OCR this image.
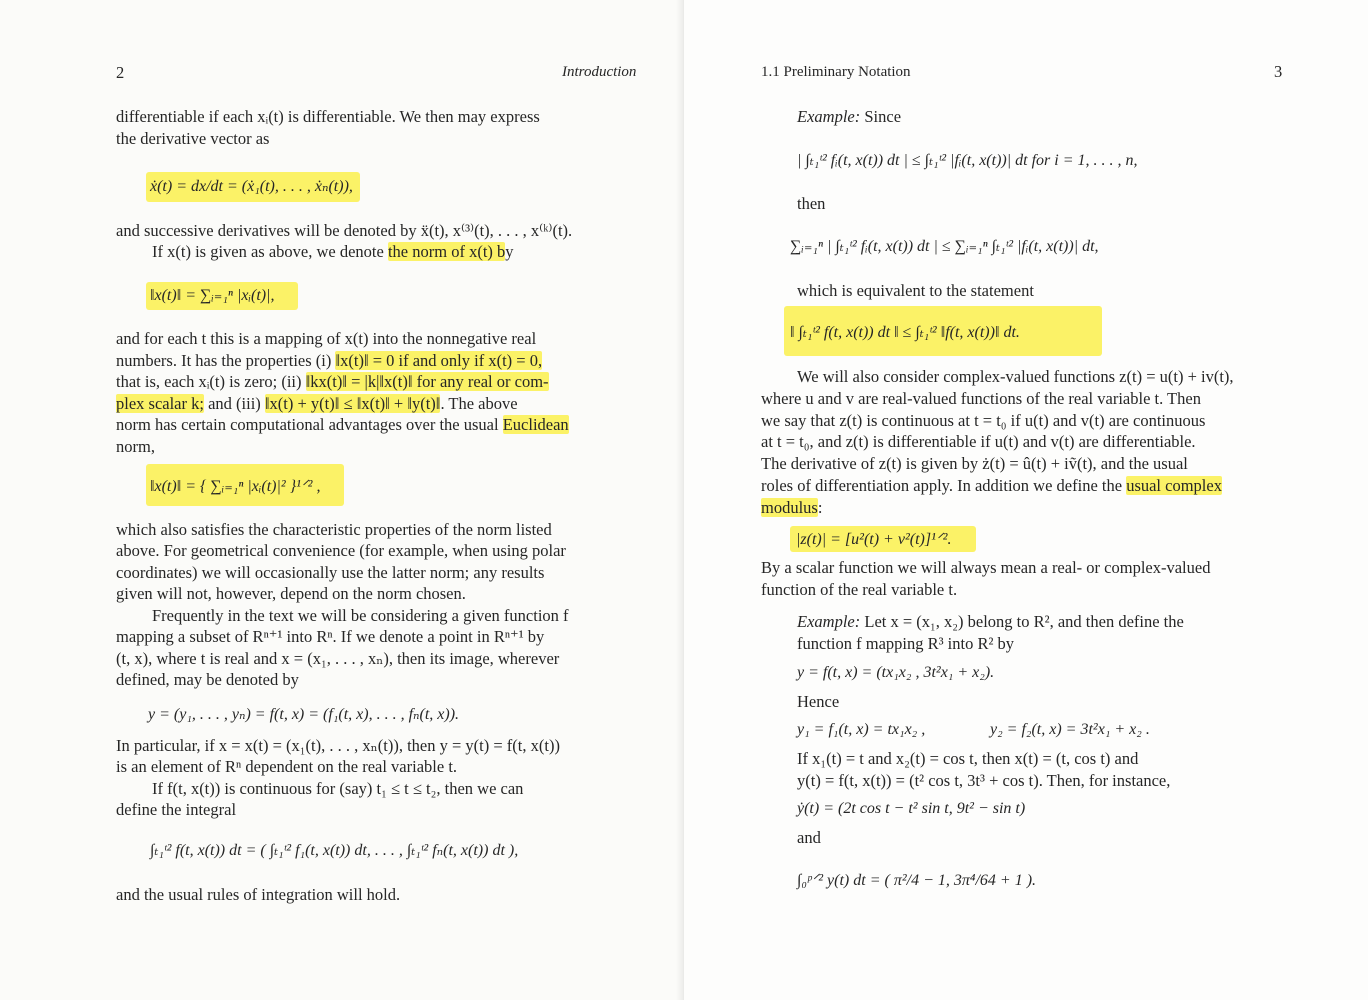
2	Introduction
differentiable if each xᵢ(t) is differentiable. We then may express
the derivative vector as
ẋ(t) = dx/dt = (ẋ₁(t), . . . , ẋₙ(t)),
and successive derivatives will be denoted by ẍ(t), x⁽³⁾(t), . . . , x⁽ᵏ⁾(t).
If x(t) is given as above, we denote the norm of x(t) by
‖x(t)‖ = ∑ᵢ₌₁ⁿ |xᵢ(t)|,
and for each t this is a mapping of x(t) into the nonnegative real
numbers. It has the properties (i) ‖x(t)‖ = 0 if and only if x(t) = 0,
that is, each xᵢ(t) is zero; (ii) ‖kx(t)‖ = |k|‖x(t)‖ for any real or com-
plex scalar k; and (iii) ‖x(t) + y(t)‖ ≤ ‖x(t)‖ + ‖y(t)‖. The above
norm has certain computational advantages over the usual Euclidean
norm,
‖x(t)‖ = { ∑ᵢ₌₁ⁿ |xᵢ(t)|² }¹ᐟ² ,
which also satisfies the characteristic properties of the norm listed
above. For geometrical convenience (for example, when using polar
coordinates) we will occasionally use the latter norm; any results
given will not, however, depend on the norm chosen.
Frequently in the text we will be considering a given function f
mapping a subset of Rⁿ⁺¹ into Rⁿ. If we denote a point in Rⁿ⁺¹ by
(t, x), where t is real and x = (x₁, . . . , xₙ), then its image, wherever
defined, may be denoted by
y = (y₁, . . . , yₙ) = f(t, x) = (f₁(t, x), . . . , fₙ(t, x)).
In particular, if x = x(t) = (x₁(t), . . . , xₙ(t)), then y = y(t) = f(t, x(t))
is an element of Rⁿ dependent on the real variable t.
If f(t, x(t)) is continuous for (say) t₁ ≤ t ≤ t₂, then we can
define the integral
∫ₜ₁ᵗ² f(t, x(t)) dt = ( ∫ₜ₁ᵗ² f₁(t, x(t)) dt, . . . , ∫ₜ₁ᵗ² fₙ(t, x(t)) dt ),
and the usual rules of integration will hold.
1.1 Preliminary Notation	3
Example: Since
| ∫ₜ₁ᵗ² fᵢ(t, x(t)) dt | ≤ ∫ₜ₁ᵗ² |fᵢ(t, x(t))| dt for i = 1, . . . , n,
then
∑ᵢ₌₁ⁿ | ∫ₜ₁ᵗ² fᵢ(t, x(t)) dt | ≤ ∑ᵢ₌₁ⁿ ∫ₜ₁ᵗ² |fᵢ(t, x(t))| dt,
which is equivalent to the statement
‖ ∫ₜ₁ᵗ² f(t, x(t)) dt ‖ ≤ ∫ₜ₁ᵗ² ‖f(t, x(t))‖ dt.
We will also consider complex-valued functions z(t) = u(t) + iv(t),
where u and v are real-valued functions of the real variable t. Then
we say that z(t) is continuous at t = t₀ if u(t) and v(t) are continuous
at t = t₀, and z(t) is differentiable if u(t) and v(t) are differentiable.
The derivative of z(t) is given by ż(t) = û(t) + iṽ(t), and the usual
roles of differentiation apply. In addition we define the usual complex
modulus:
|z(t)| = [u²(t) + v²(t)]¹ᐟ².
By a scalar function we will always mean a real- or complex-valued
function of the real variable t.
Example: Let x = (x₁, x₂) belong to R², and then define the
function f mapping R³ into R² by
y = f(t, x) = (tx₁x₂ , 3t²x₁ + x₂).
Hence
y₁ = f₁(t, x) = tx₁x₂ ,	y₂ = f₂(t, x) = 3t²x₁ + x₂ .
If x₁(t) = t and x₂(t) = cos t, then x(t) = (t, cos t) and
y(t) = f(t, x(t)) = (t² cos t, 3t³ + cos t). Then, for instance,
ẏ(t) = (2t cos t − t² sin t, 9t² − sin t)
and
∫₀ᵖᐟ² y(t) dt = ( π²/4 − 1, 3π⁴/64 + 1 ).
